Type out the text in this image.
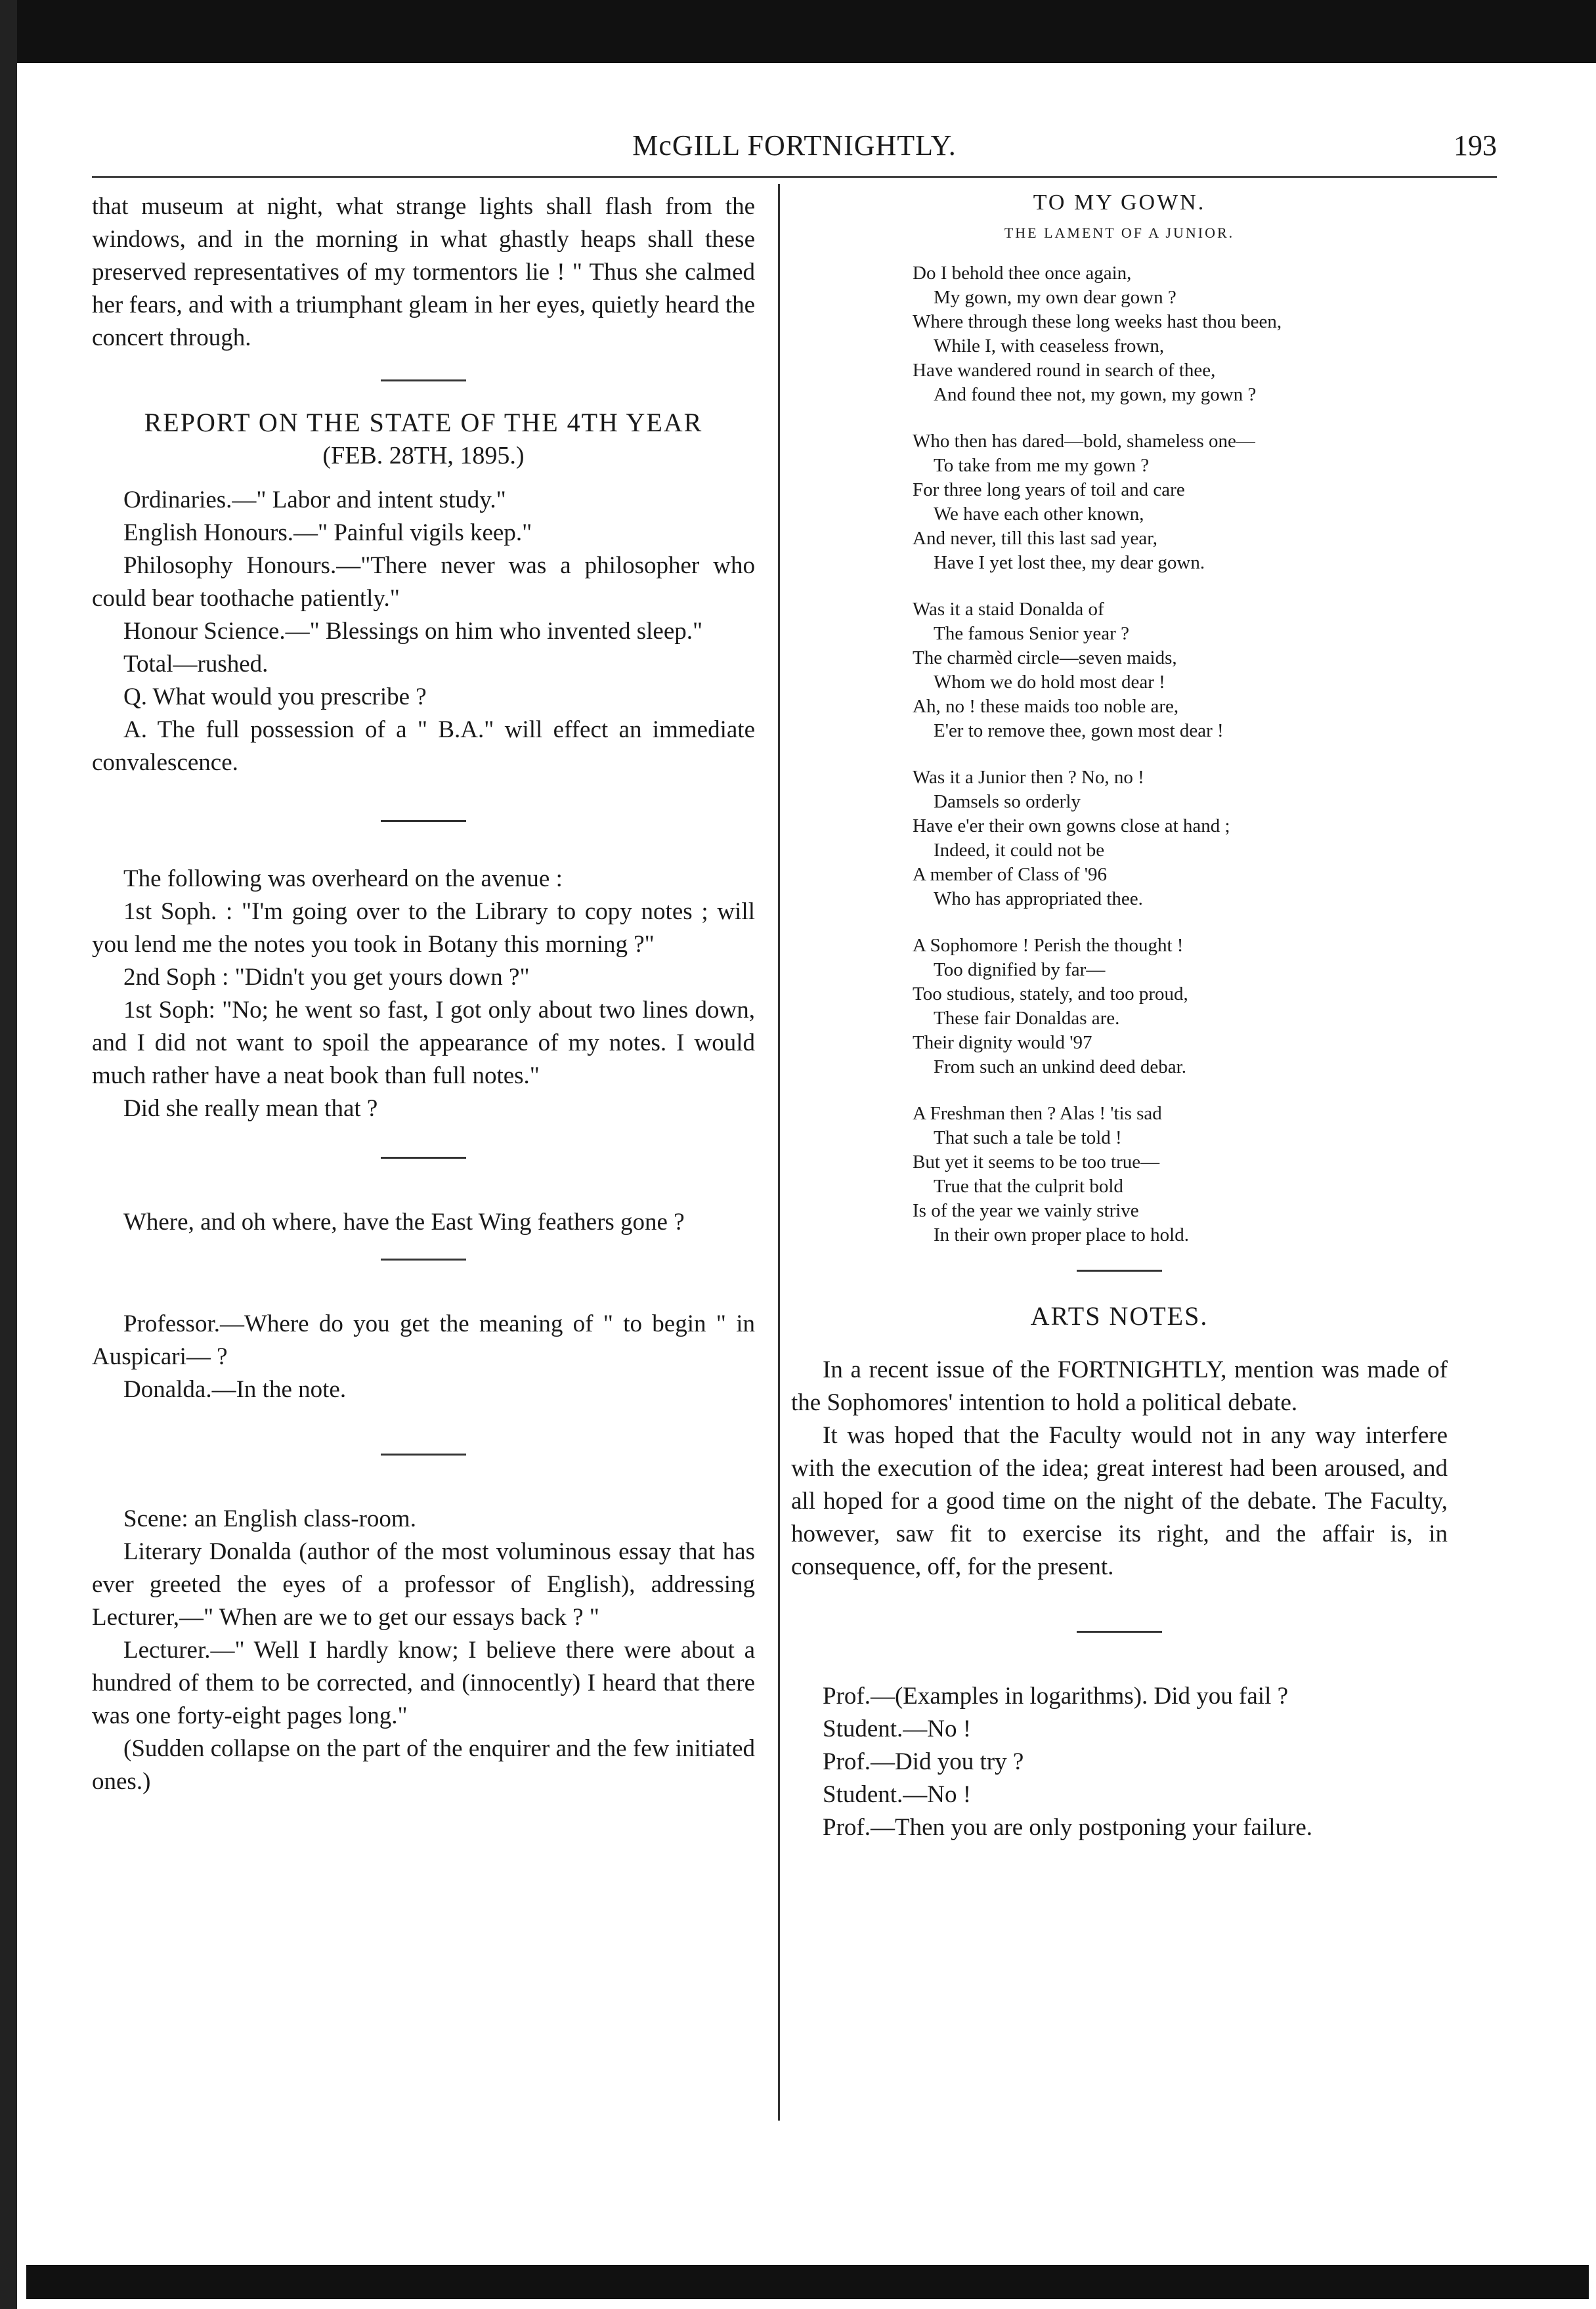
McGILL FORTNIGHTLY.	193

that museum at night, what strange lights shall flash from the windows, and in the morning in what ghastly heaps shall these preserved representatives of my tormentors lie ! " Thus she calmed her fears, and with a triumphant gleam in her eyes, quietly heard the concert through.

REPORT ON THE STATE OF THE 4TH YEAR

(FEB. 28TH, 1895.)

Ordinaries.—" Labor and intent study."

English Honours.—" Painful vigils keep."

Philosophy Honours.—"There never was a philosopher who could bear toothache patiently."

Honour Science.—" Blessings on him who invented sleep."

Total—rushed.

Q. What would you prescribe ?

A. The full possession of a " B.A." will effect an immediate convalescence.

The following was overheard on the avenue :

1st Soph. : "I'm going over to the Library to copy notes ; will you lend me the notes you took in Botany this morning ?"

2nd Soph : "Didn't you get yours down ?"

1st Soph: "No; he went so fast, I got only about two lines down, and I did not want to spoil the appearance of my notes. I would much rather have a neat book than full notes."

Did she really mean that ?

Where, and oh where, have the East Wing feathers gone ?

Professor.—Where do you get the meaning of " to begin " in Auspicari— ?

Donalda.—In the note.

Scene: an English class-room.

Literary Donalda (author of the most voluminous essay that has ever greeted the eyes of a professor of English), addressing Lecturer,—" When are we to get our essays back ? "

Lecturer.—" Well I hardly know; I believe there were about a hundred of them to be corrected, and (innocently) I heard that there was one forty-eight pages long."

(Sudden collapse on the part of the enquirer and the few initiated ones.)

TO MY GOWN.

THE LAMENT OF A JUNIOR.

Do I behold thee once again,
My gown, my own dear gown ?
Where through these long weeks hast thou been,
While I, with ceaseless frown,
Have wandered round in search of thee,
And found thee not, my gown, my gown ?
Who then has dared—bold, shameless one—
To take from me my gown ?
For three long years of toil and care
We have each other known,
And never, till this last sad year,
Have I yet lost thee, my dear gown.
Was it a staid Donalda of
The famous Senior year ?
The charmèd circle—seven maids,
Whom we do hold most dear !
Ah, no ! these maids too noble are,
E'er to remove thee, gown most dear !
Was it a Junior then ? No, no !
Damsels so orderly
Have e'er their own gowns close at hand ;
Indeed, it could not be
A member of Class of '96
Who has appropriated thee.
A Sophomore ! Perish the thought !
Too dignified by far—
Too studious, stately, and too proud,
These fair Donaldas are.
Their dignity would '97
From such an unkind deed debar.
A Freshman then ? Alas ! 'tis sad
That such a tale be told !
But yet it seems to be too true—
True that the culprit bold
Is of the year we vainly strive
In their own proper place to hold.

ARTS NOTES.

In a recent issue of the FORTNIGHTLY, mention was made of the Sophomores' intention to hold a political debate.

It was hoped that the Faculty would not in any way interfere with the execution of the idea; great interest had been aroused, and all hoped for a good time on the night of the debate. The Faculty, however, saw fit to exercise its right, and the affair is, in consequence, off, for the present.

Prof.—(Examples in logarithms). Did you fail ?

Student.—No !

Prof.—Did you try ?

Student.—No !

Prof.—Then you are only postponing your failure.
